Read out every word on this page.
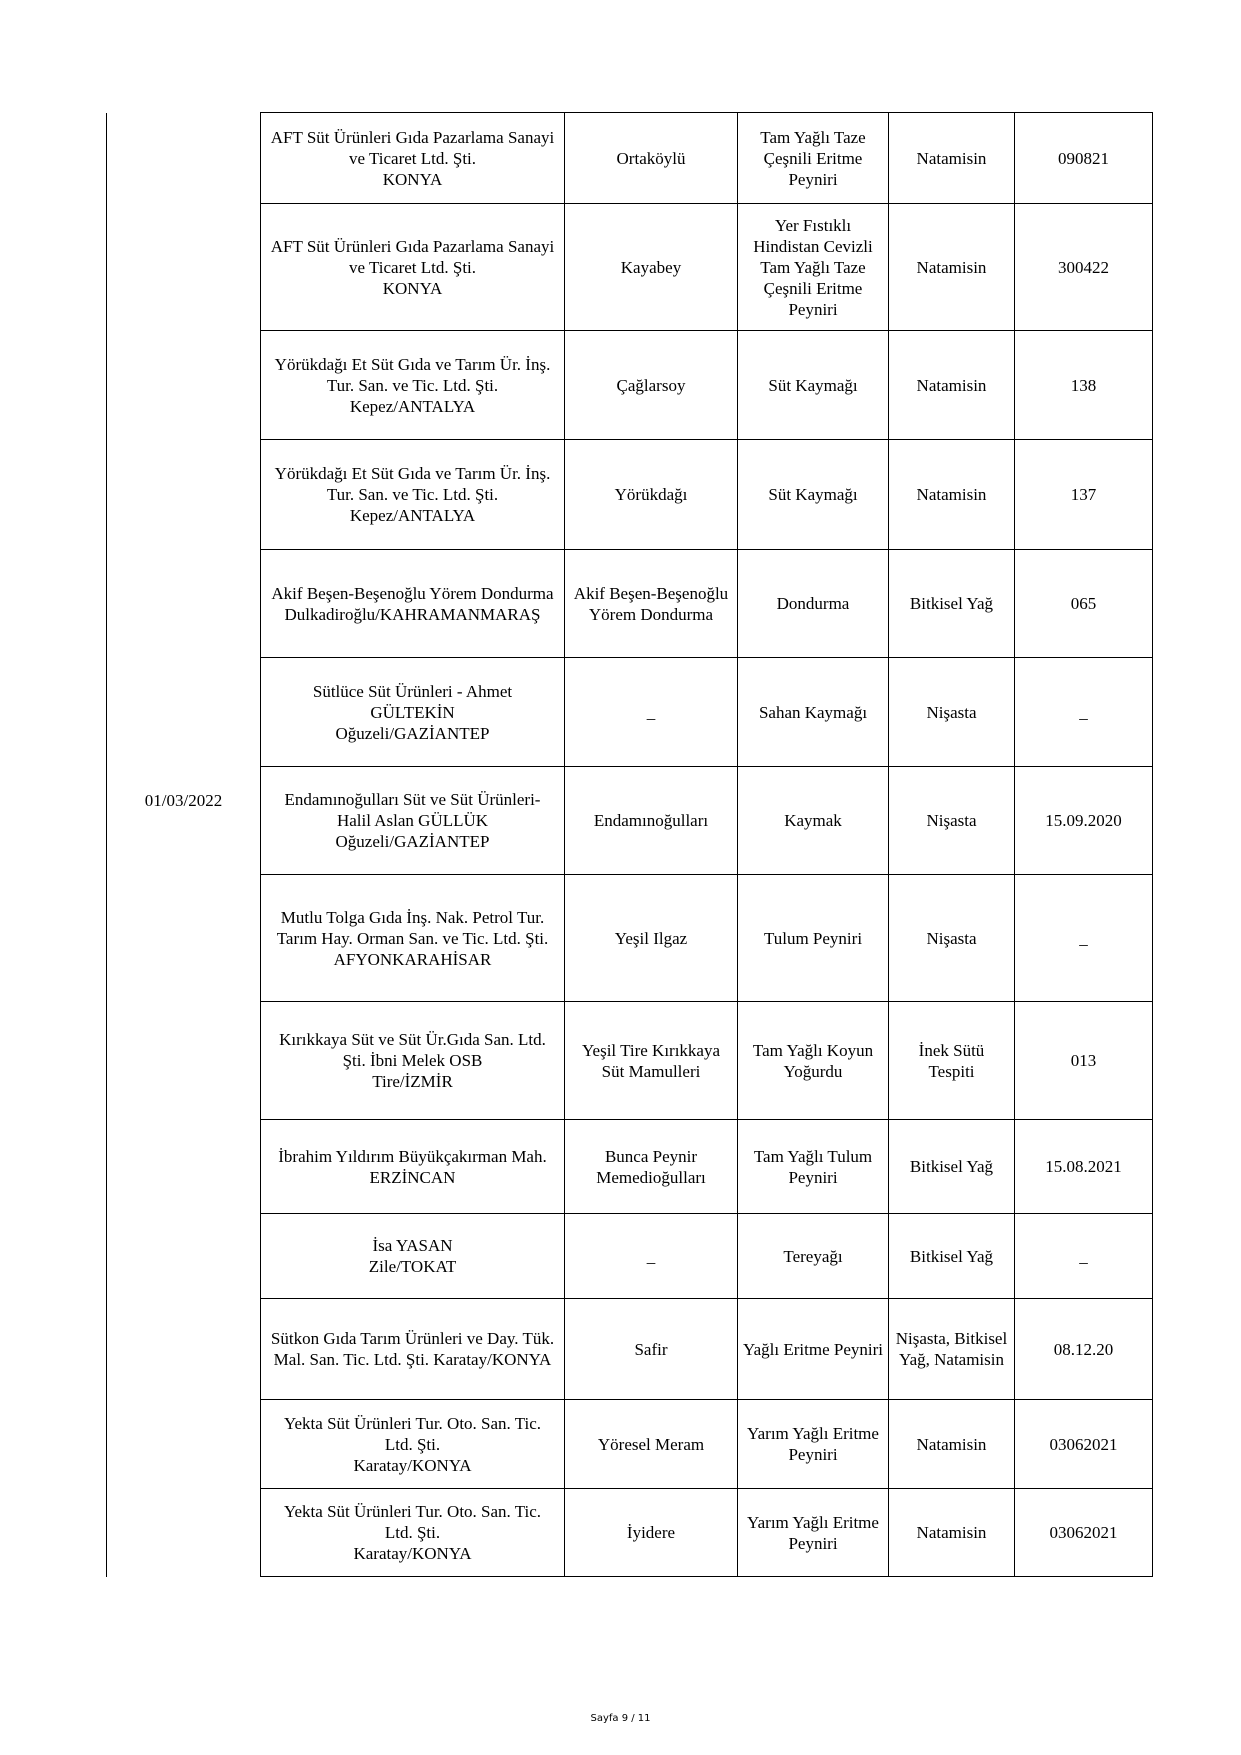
01/03/2022	AFT Süt Ürünleri Gıda Pazarlama Sanayi
ve Ticaret Ltd. Şti.
KONYA	Ortaköylü	Tam Yağlı Taze
Çeşnili Eritme
Peyniri	Natamisin	090821
	AFT Süt Ürünleri Gıda Pazarlama Sanayi
ve Ticaret Ltd. Şti.
KONYA	Kayabey	Yer Fıstıklı
Hindistan Cevizli
Tam Yağlı Taze
Çeşnili Eritme
Peyniri	Natamisin	300422
	Yörükdağı Et Süt Gıda ve Tarım Ür. İnş.
Tur. San. ve Tic. Ltd. Şti.
Kepez/ANTALYA	Çağlarsoy	Süt Kaymağı	Natamisin	138
	Yörükdağı Et Süt Gıda ve Tarım Ür. İnş.
Tur. San. ve Tic. Ltd. Şti.
Kepez/ANTALYA	Yörükdağı	Süt Kaymağı	Natamisin	137
	Akif Beşen-Beşenoğlu Yörem Dondurma
Dulkadiroğlu/KAHRAMANMARAŞ	Akif Beşen-Beşenoğlu
Yörem Dondurma	Dondurma	Bitkisel Yağ	065
	Sütlüce Süt Ürünleri - Ahmet
GÜLTEKİN
Oğuzeli/GAZİANTEP	_	Sahan Kaymağı	Nişasta	_
	Endamınoğulları Süt ve Süt Ürünleri-
Halil Aslan GÜLLÜK
Oğuzeli/GAZİANTEP	Endamınoğulları	Kaymak	Nişasta	15.09.2020
	Mutlu Tolga Gıda İnş. Nak. Petrol Tur.
Tarım Hay. Orman San. ve Tic. Ltd. Şti.
AFYONKARAHİSAR	Yeşil Ilgaz	Tulum Peyniri	Nişasta	_
	Kırıkkaya Süt ve Süt Ür.Gıda San. Ltd.
Şti. İbni Melek OSB
Tire/İZMİR	Yeşil Tire Kırıkkaya
Süt Mamulleri	Tam Yağlı Koyun
Yoğurdu	İnek Sütü
Tespiti	013
	İbrahim Yıldırım Büyükçakırman Mah.
ERZİNCAN	Bunca Peynir
Memedioğulları	Tam Yağlı Tulum
Peyniri	Bitkisel Yağ	15.08.2021
	İsa YASAN
Zile/TOKAT	_	Tereyağı	Bitkisel Yağ	_
	Sütkon Gıda Tarım Ürünleri ve Day. Tük.
Mal. San. Tic. Ltd. Şti. Karatay/KONYA	Safir	Yağlı Eritme Peyniri	Nişasta, Bitkisel
Yağ, Natamisin	08.12.20
	Yekta Süt Ürünleri Tur. Oto. San. Tic.
Ltd. Şti.
Karatay/KONYA	Yöresel Meram	Yarım Yağlı Eritme
Peyniri	Natamisin	03062021
	Yekta Süt Ürünleri Tur. Oto. San. Tic.
Ltd. Şti.
Karatay/KONYA	İyidere	Yarım Yağlı Eritme
Peyniri	Natamisin	03062021
Sayfa 9 / 11
